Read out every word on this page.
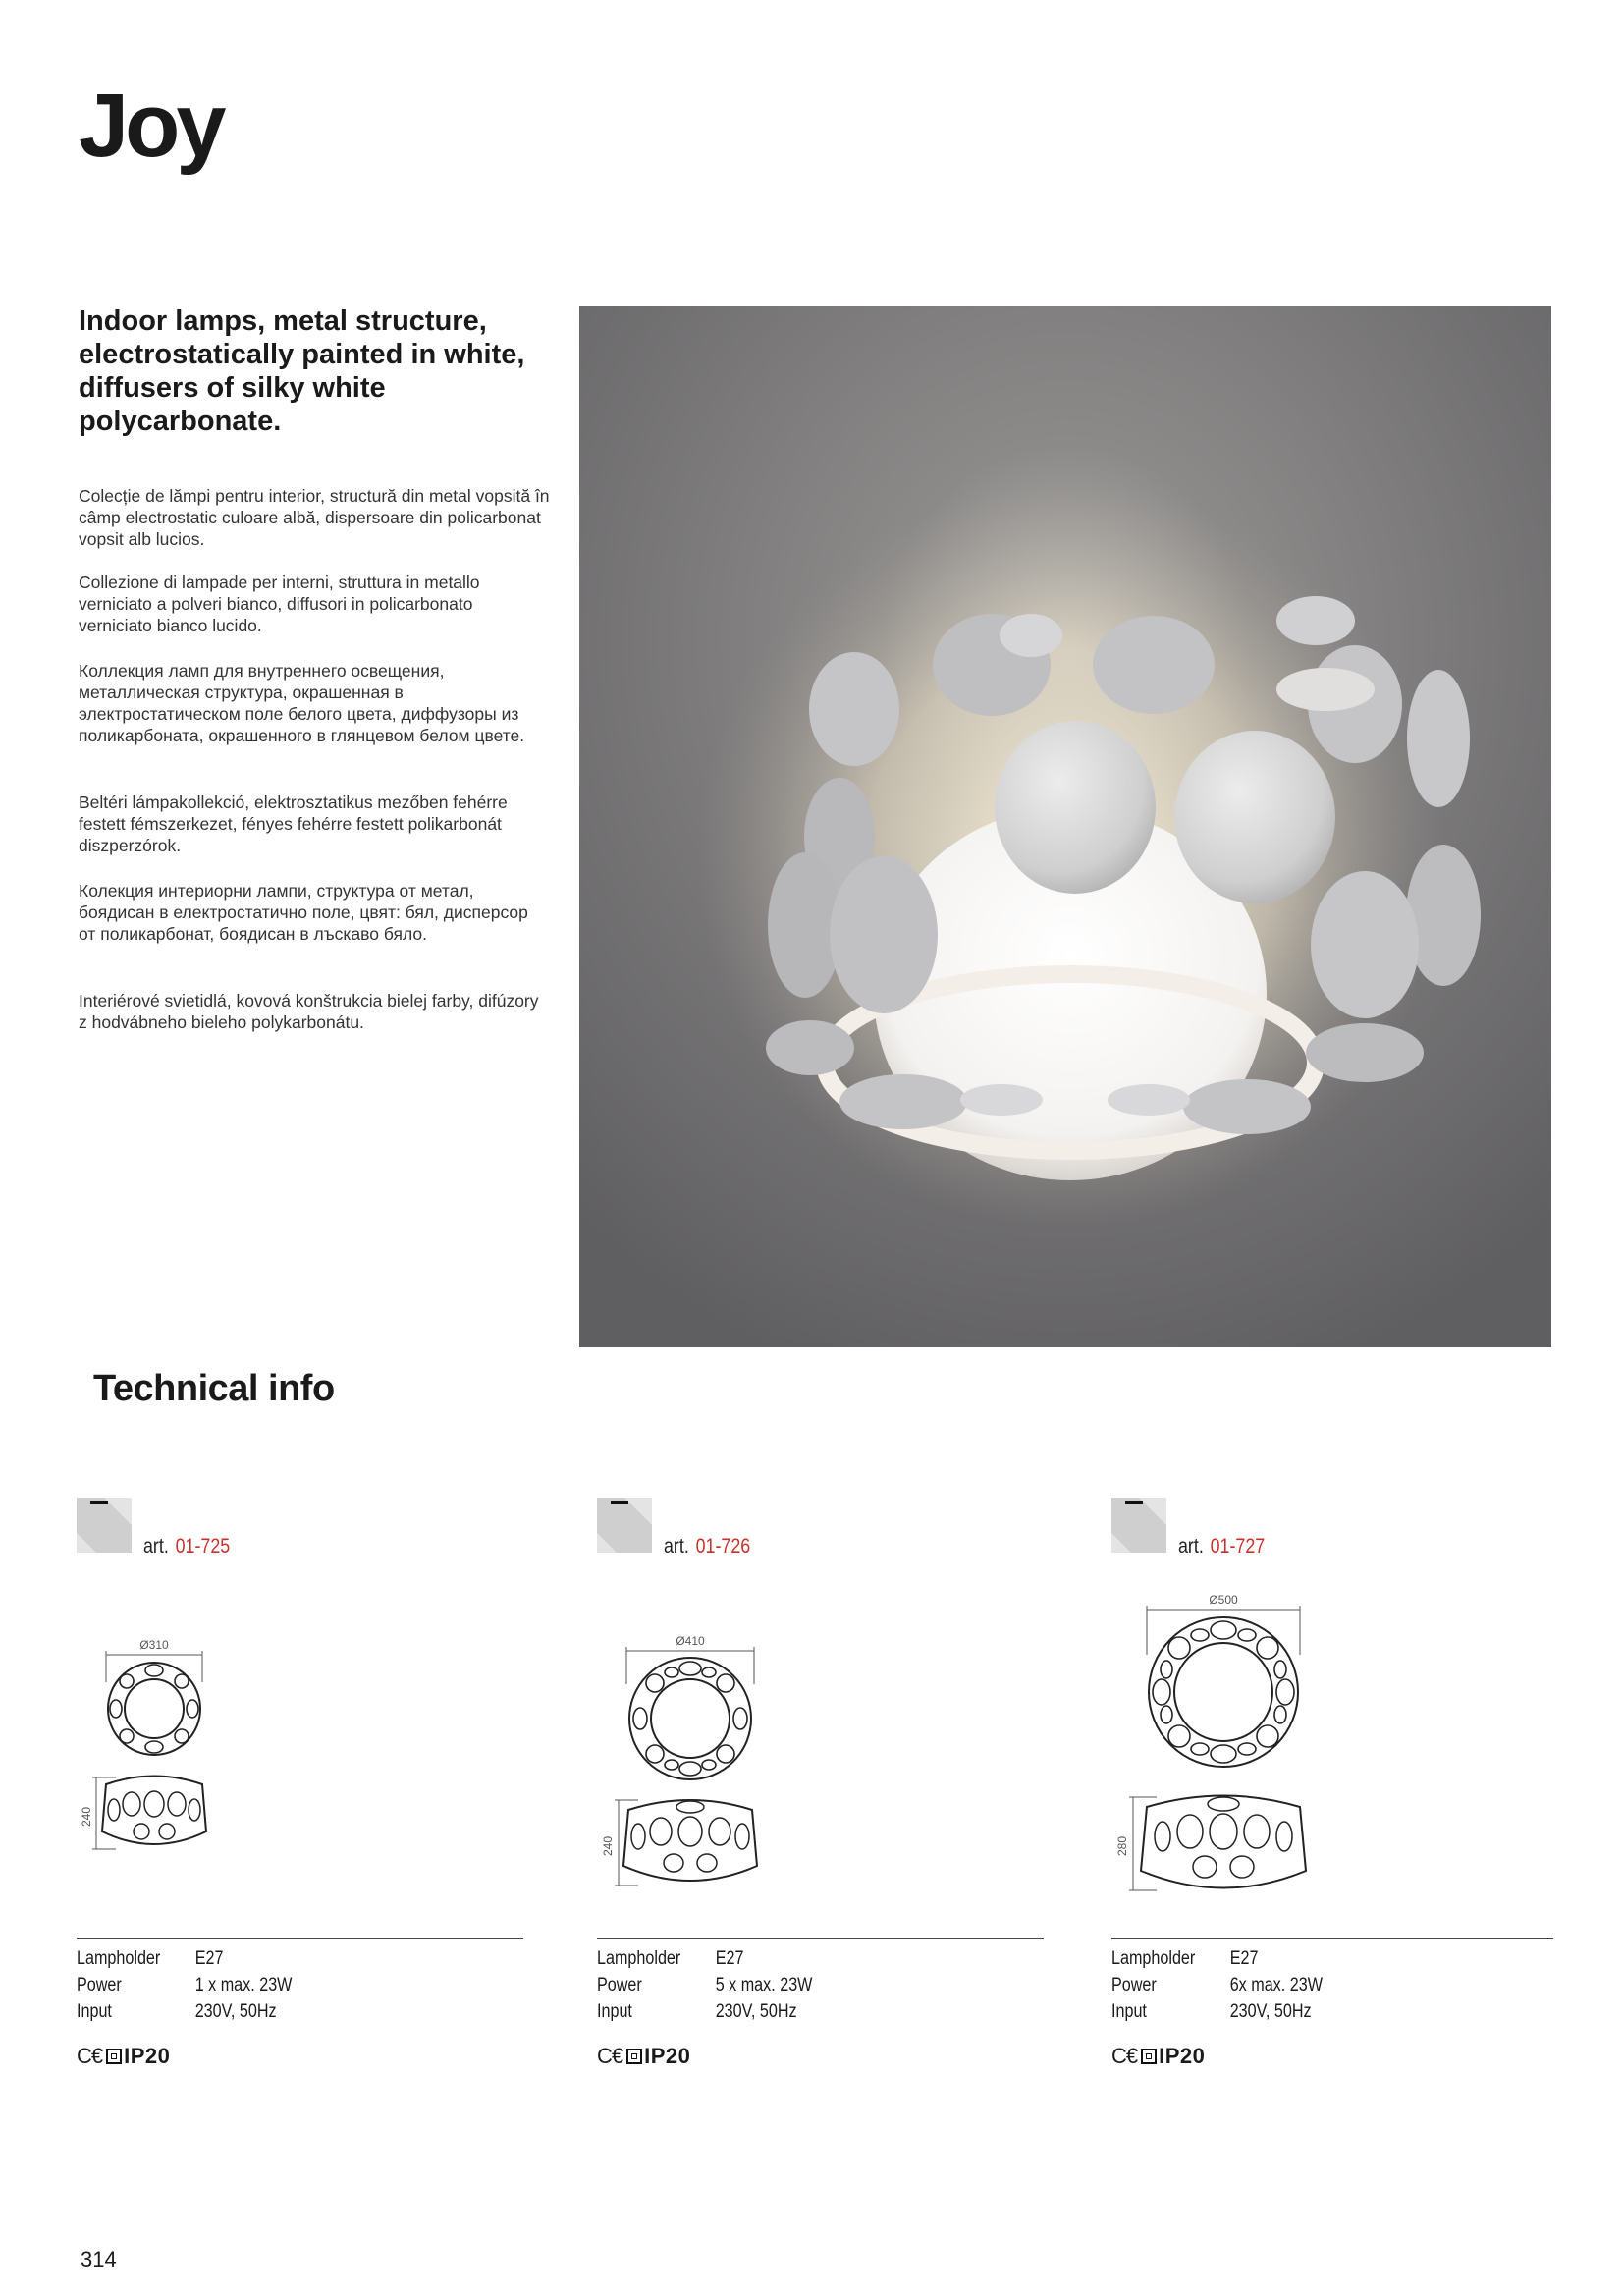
Joy
Indoor lamps, metal structure, electrostatically painted in white, diffusers of silky white polycarbonate.

Colecție de lămpi pentru interior, structură din metal vopsită în câmp electrostatic culoare albă, dispersoare din policarbonat vopsit alb lucios.

Collezione di lampade per interni, struttura in metallo verniciato a polveri bianco, diffusori in policarbonato verniciato bianco lucido.

Коллекция ламп для внутреннего освещения, металлическая структура, окрашенная в электростатическом поле белого цвета, диффузоры из поликарбоната, окрашенного в глянцевом белом цвете.

Beltéri lámpakollekció, elektrosztatikus mezőben fehérre festett fémszerkezet, fényes fehérre festett polikarbonát diszperzórok.

Колекция интериорни лампи, структура от метал, боядисан в електростатично поле, цвят: бял, дисперсор от поликарбонат, боядисан в лъскаво бяло.

Interiérové svietidlá, kovová konštrukcia bielej farby, difúzory z hodvábneho bieleho polykarbonátu.

Technical info
art. 01-725
Ø310
240
Lampholder	E27
Power	1 x max. 23W
Input	230V, 50Hz
C€ IP20
art. 01-726
Ø410
240
Lampholder	E27
Power	5 x max. 23W
Input	230V, 50Hz
C€ IP20
art. 01-727
Ø500
280
Lampholder	E27
Power	6x max. 23W
Input	230V, 50Hz
C€ IP20
314
